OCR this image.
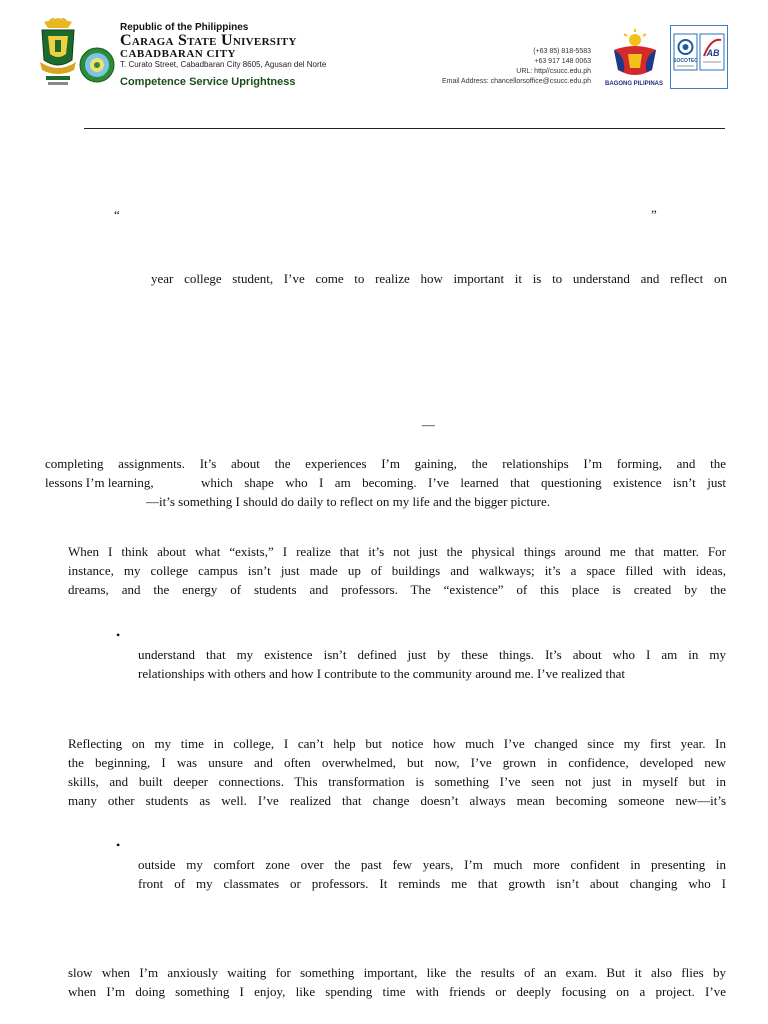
Republic of the Philippines
Caraga State University
CABADBARAN CITY
T. Curato Street, Cabadbaran City 8605, Agusan del Norte
Competence Service Uprightness
(+63 85) 818-5583
+63 917 148 0063
URL: http//csucc.edu.ph
Email Address: chancellorsoffice@csucc.edu.ph	BAGONG PILIPINAS
SOCOTEC
AB
“	”
year college student, I’ve come to realize how important it is to understand and reflect on
—
completing assignments. It’s about the experiences I’m gaining, the relationships I’m forming, and the
lessons I’m learning,	which shape who I am becoming. I’ve learned that questioning existence isn’t just
—it’s something I should do daily to reflect on my life and the bigger picture.
When I think about what “exists,” I realize that it’s not just the physical things around me that matter. For
instance, my college campus isn’t just made up of buildings and walkways; it’s a space filled with ideas,
dreams, and the energy of students and professors. The “existence” of this place is created by the
•
understand that my existence isn’t defined just by these things. It’s about who I am in my
relationships with others and how I contribute to the community around me. I’ve realized that
Reflecting on my time in college, I can’t help but notice how much I’ve changed since my first year. In
the beginning, I was unsure and often overwhelmed, but now, I’ve grown in confidence, developed new
skills, and built deeper connections. This transformation is something I’ve seen not just in myself but in
many other students as well. I’ve realized that change doesn’t always mean becoming someone new—it’s
•
outside my comfort zone over the past few years, I’m much more confident in presenting in
front of my classmates or professors. It reminds me that growth isn’t about changing who I
slow when I’m anxiously waiting for something important, like the results of an exam. But it also flies by
when I’m doing something I enjoy, like spending time with friends or deeply focusing on a project. I’ve
